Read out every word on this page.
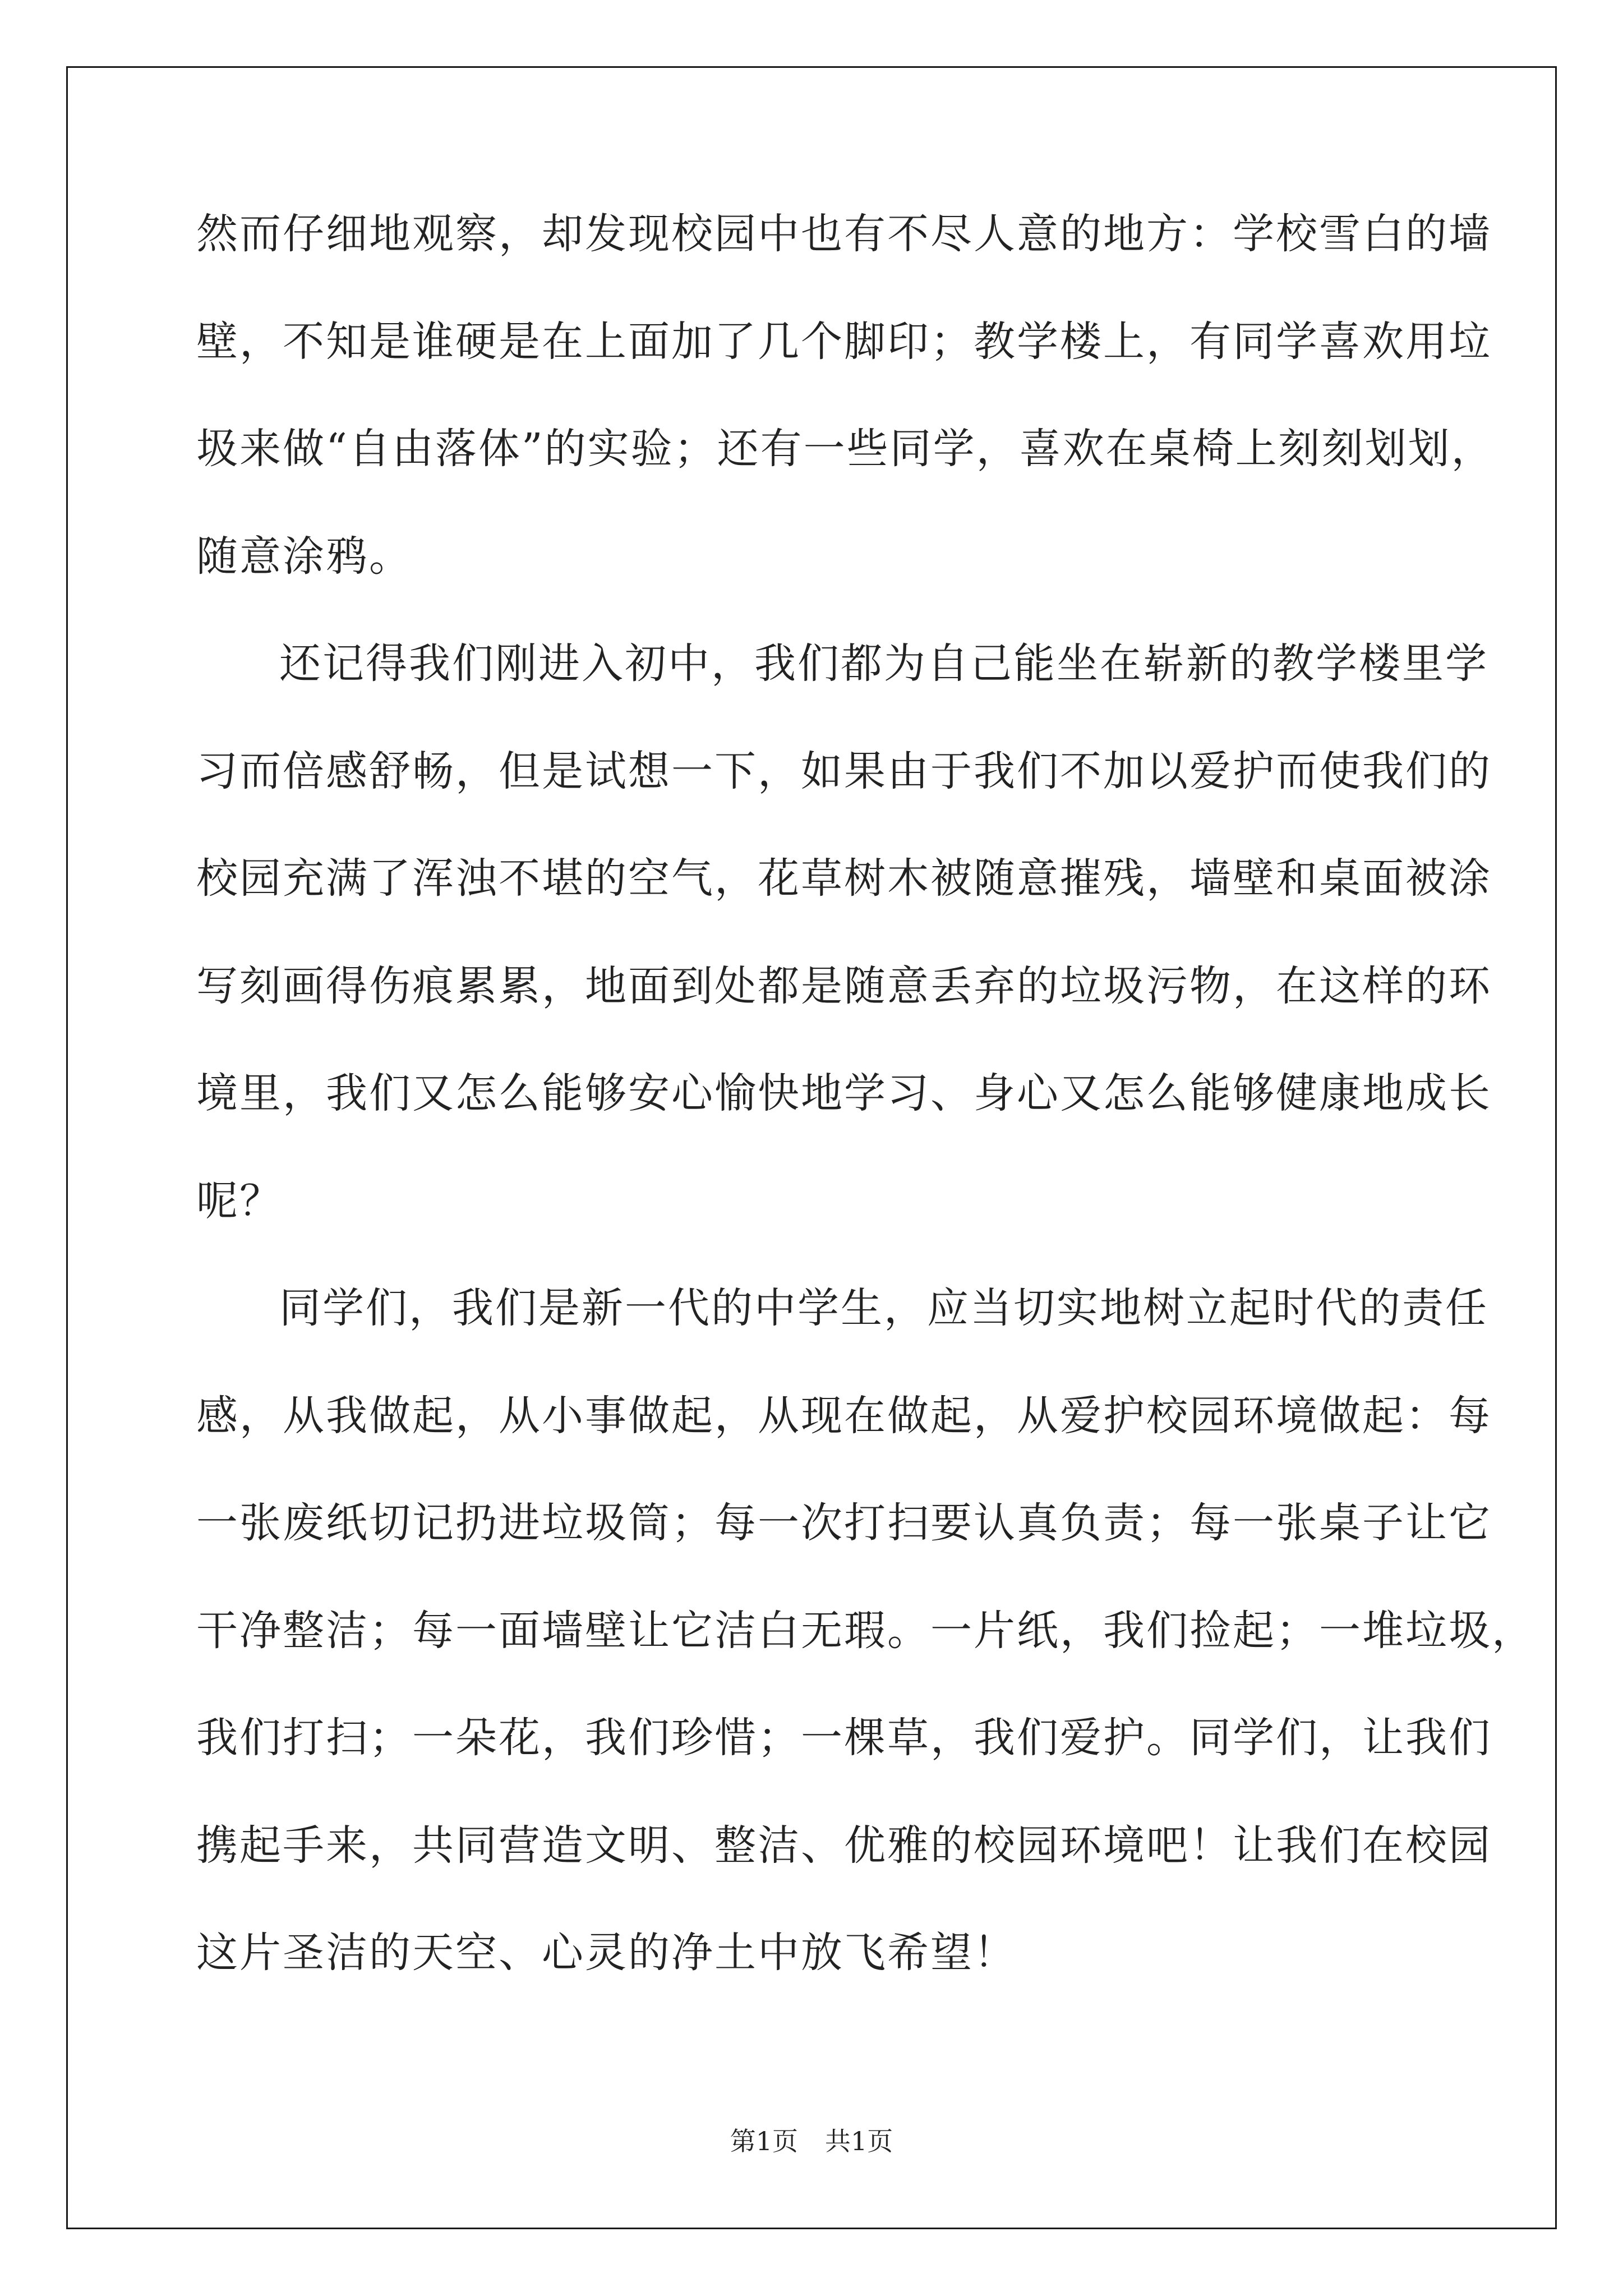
然而仔细地观察，却发现校园中也有不尽人意的地方：学校雪白的墙
壁，不知是谁硬是在上面加了几个脚印；教学楼上，有同学喜欢用垃
圾来做“自由落体”的实验；还有一些同学，喜欢在桌椅上刻刻划划，
随意涂鸦。
还记得我们刚进入初中，我们都为自己能坐在崭新的教学楼里学
习而倍感舒畅，但是试想一下，如果由于我们不加以爱护而使我们的
校园充满了浑浊不堪的空气，花草树木被随意摧残，墙壁和桌面被涂
写刻画得伤痕累累，地面到处都是随意丢弃的垃圾污物，在这样的环
境里，我们又怎么能够安心愉快地学习、身心又怎么能够健康地成长
呢？
同学们，我们是新一代的中学生，应当切实地树立起时代的责任
感，从我做起，从小事做起，从现在做起，从爱护校园环境做起：每
一张废纸切记扔进垃圾筒；每一次打扫要认真负责；每一张桌子让它
干净整洁；每一面墙壁让它洁白无瑕。一片纸，我们捡起；一堆垃圾，
我们打扫；一朵花，我们珍惜；一棵草，我们爱护。同学们，让我们
携起手来，共同营造文明、整洁、优雅的校园环境吧！让我们在校园
这片圣洁的天空、心灵的净土中放飞希望！
第1页 共1页
